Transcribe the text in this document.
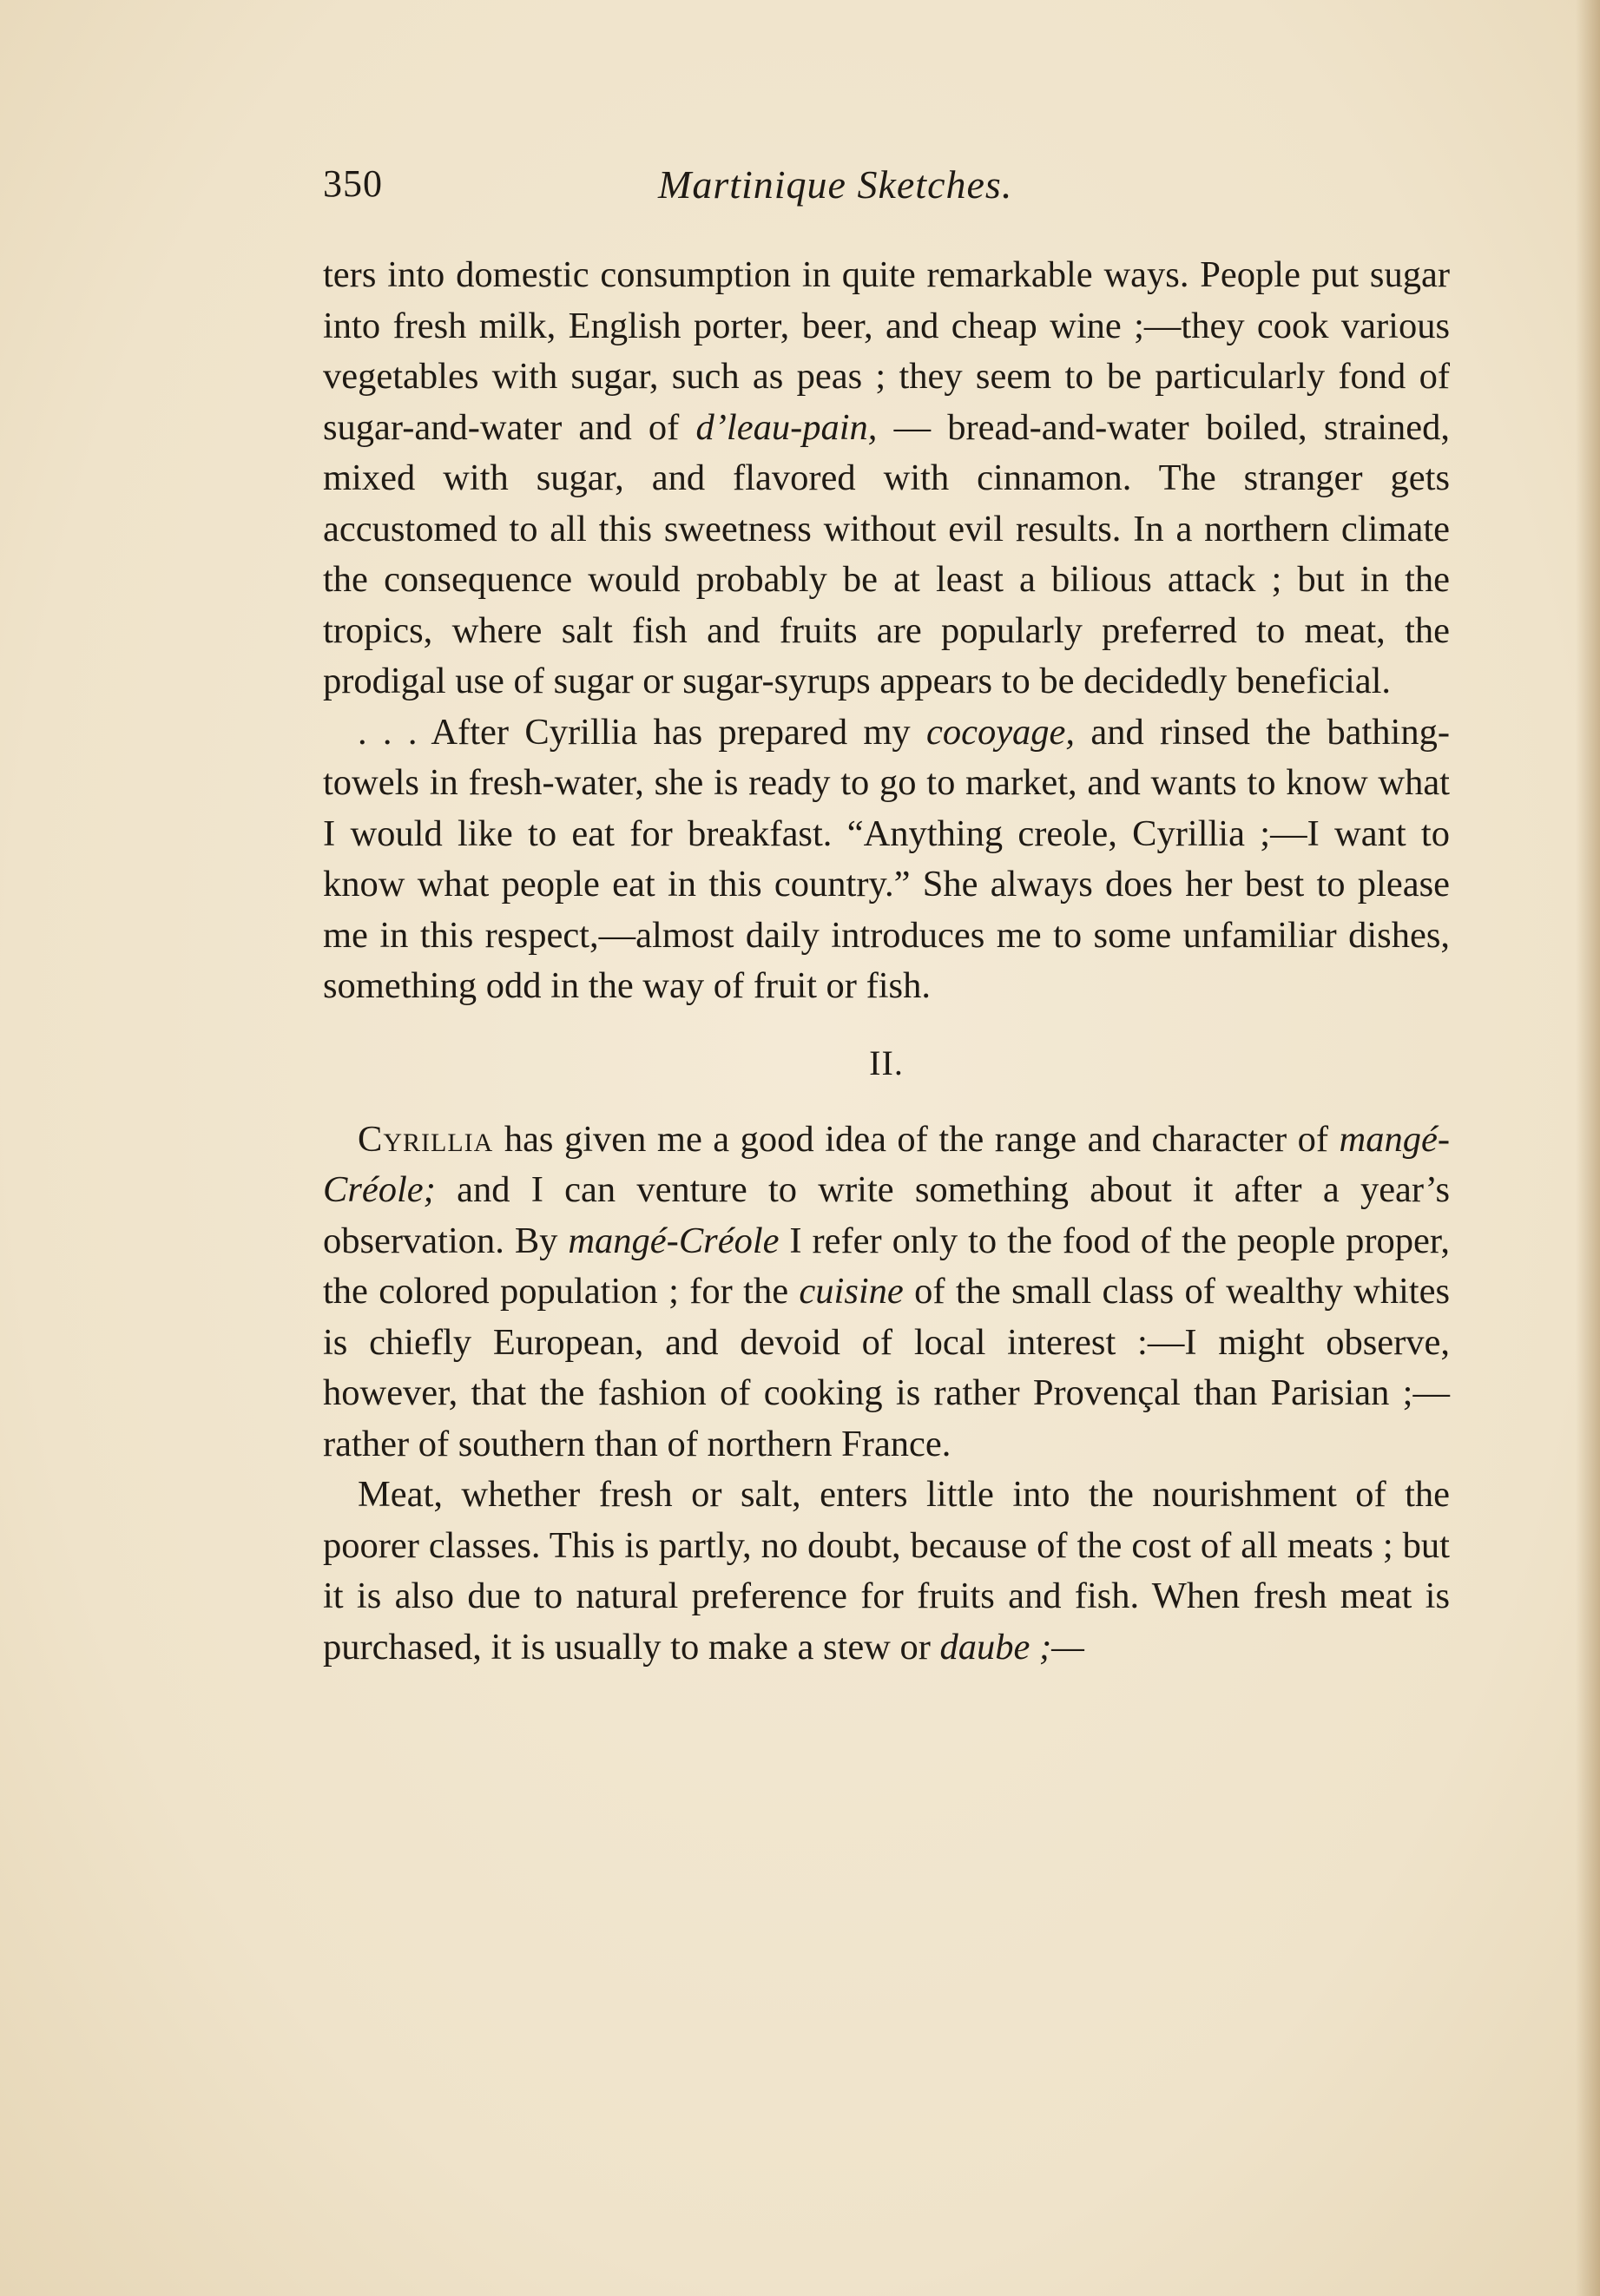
350	Martinique Sketches.

ters into domestic consumption in quite remarkable ways. People put sugar into fresh milk, English porter, beer, and cheap wine ;—they cook various vegetables with sugar, such as peas ; they seem to be particularly fond of sugar-and-water and of d’leau-pain, — bread-and-water boiled, strained, mixed with sugar, and flavored with cinnamon. The stranger gets accustomed to all this sweetness without evil results. In a northern climate the consequence would probably be at least a bilious attack ; but in the tropics, where salt fish and fruits are popularly preferred to meat, the prodigal use of sugar or sugar-syrups appears to be decidedly beneficial.

. . . After Cyrillia has prepared my cocoyage, and rinsed the bathing-towels in fresh-water, she is ready to go to market, and wants to know what I would like to eat for breakfast. “Anything creole, Cyrillia ;—I want to know what people eat in this country.” She always does her best to please me in this respect,—almost daily introduces me to some unfamiliar dishes, something odd in the way of fruit or fish.

II.

Cyrillia has given me a good idea of the range and character of mangé-Créole; and I can venture to write something about it after a year’s observation. By mangé-Créole I refer only to the food of the people proper, the colored population ; for the cuisine of the small class of wealthy whites is chiefly European, and devoid of local interest :—I might observe, however, that the fashion of cooking is rather Provençal than Parisian ;—rather of southern than of northern France.

Meat, whether fresh or salt, enters little into the nourishment of the poorer classes. This is partly, no doubt, because of the cost of all meats ; but it is also due to natural preference for fruits and fish. When fresh meat is purchased, it is usually to make a stew or daube ;—
